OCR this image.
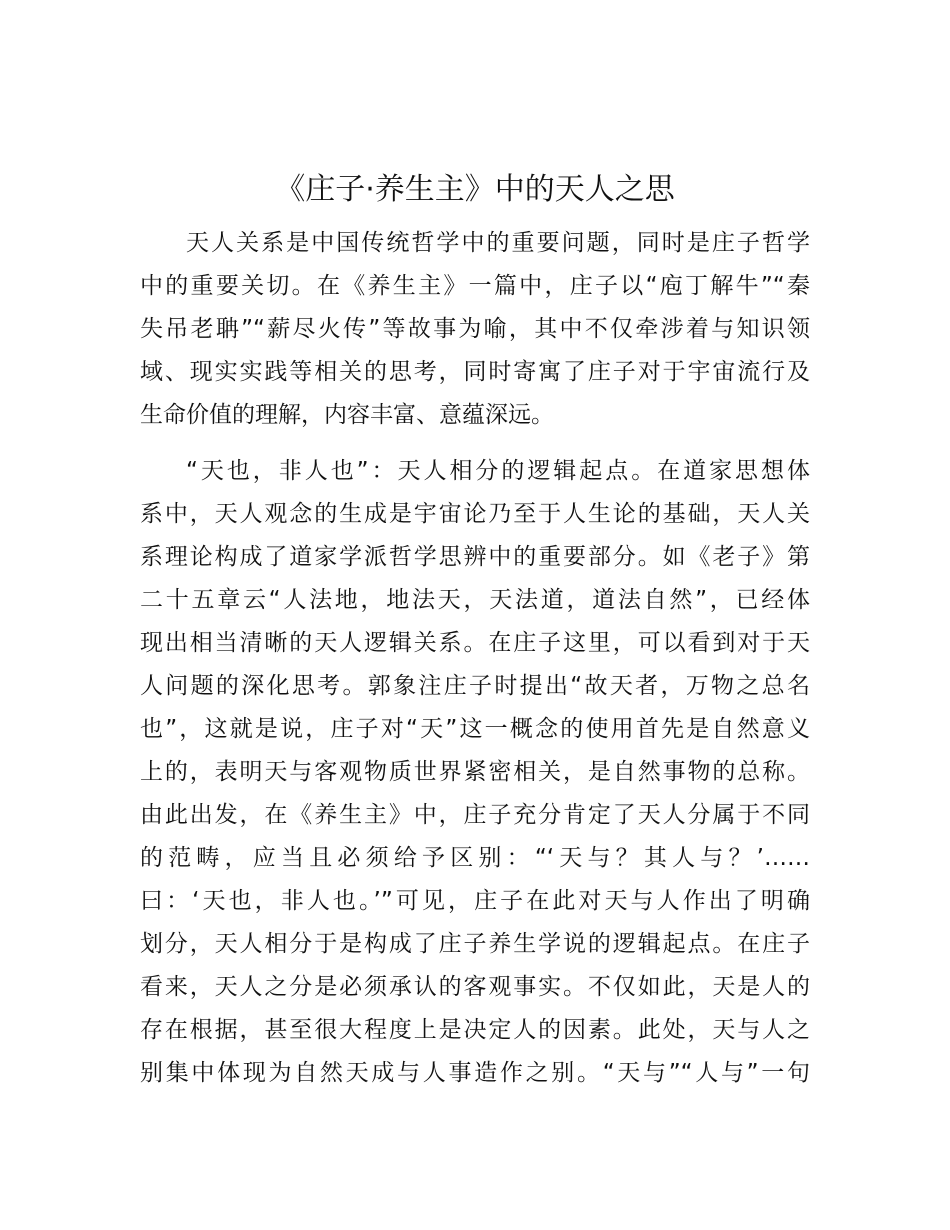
《庄子·养生主》中的天人之思
天人关系是中国传统哲学中的重要问题，同时是庄子哲学
中的重要关切。在《养生主》一篇中，庄子以“庖丁解牛”“秦
失吊老聃”“薪尽火传”等故事为喻，其中不仅牵涉着与知识领
域、现实实践等相关的思考，同时寄寓了庄子对于宇宙流行及
生命价值的理解，内容丰富、意蕴深远。
“天也，非人也”：天人相分的逻辑起点。在道家思想体
系中，天人观念的生成是宇宙论乃至于人生论的基础，天人关
系理论构成了道家学派哲学思辨中的重要部分。如《老子》第
二十五章云“人法地，地法天，天法道，道法自然”，已经体
现出相当清晰的天人逻辑关系。在庄子这里，可以看到对于天
人问题的深化思考。郭象注庄子时提出“故天者，万物之总名
也”，这就是说，庄子对“天”这一概念的使用首先是自然意义
上的，表明天与客观物质世界紧密相关，是自然事物的总称。
由此出发，在《养生主》中，庄子充分肯定了天人分属于不同
的范畴，应当且必须给予区别：“‘天与？其人与？’……
曰：‘天也，非人也。’”可见，庄子在此对天与人作出了明确
划分，天人相分于是构成了庄子养生学说的逻辑起点。在庄子
看来，天人之分是必须承认的客观事实。不仅如此，天是人的
存在根据，甚至很大程度上是决定人的因素。此处，天与人之
别集中体现为自然天成与人事造作之别。“天与”“人与”一句
